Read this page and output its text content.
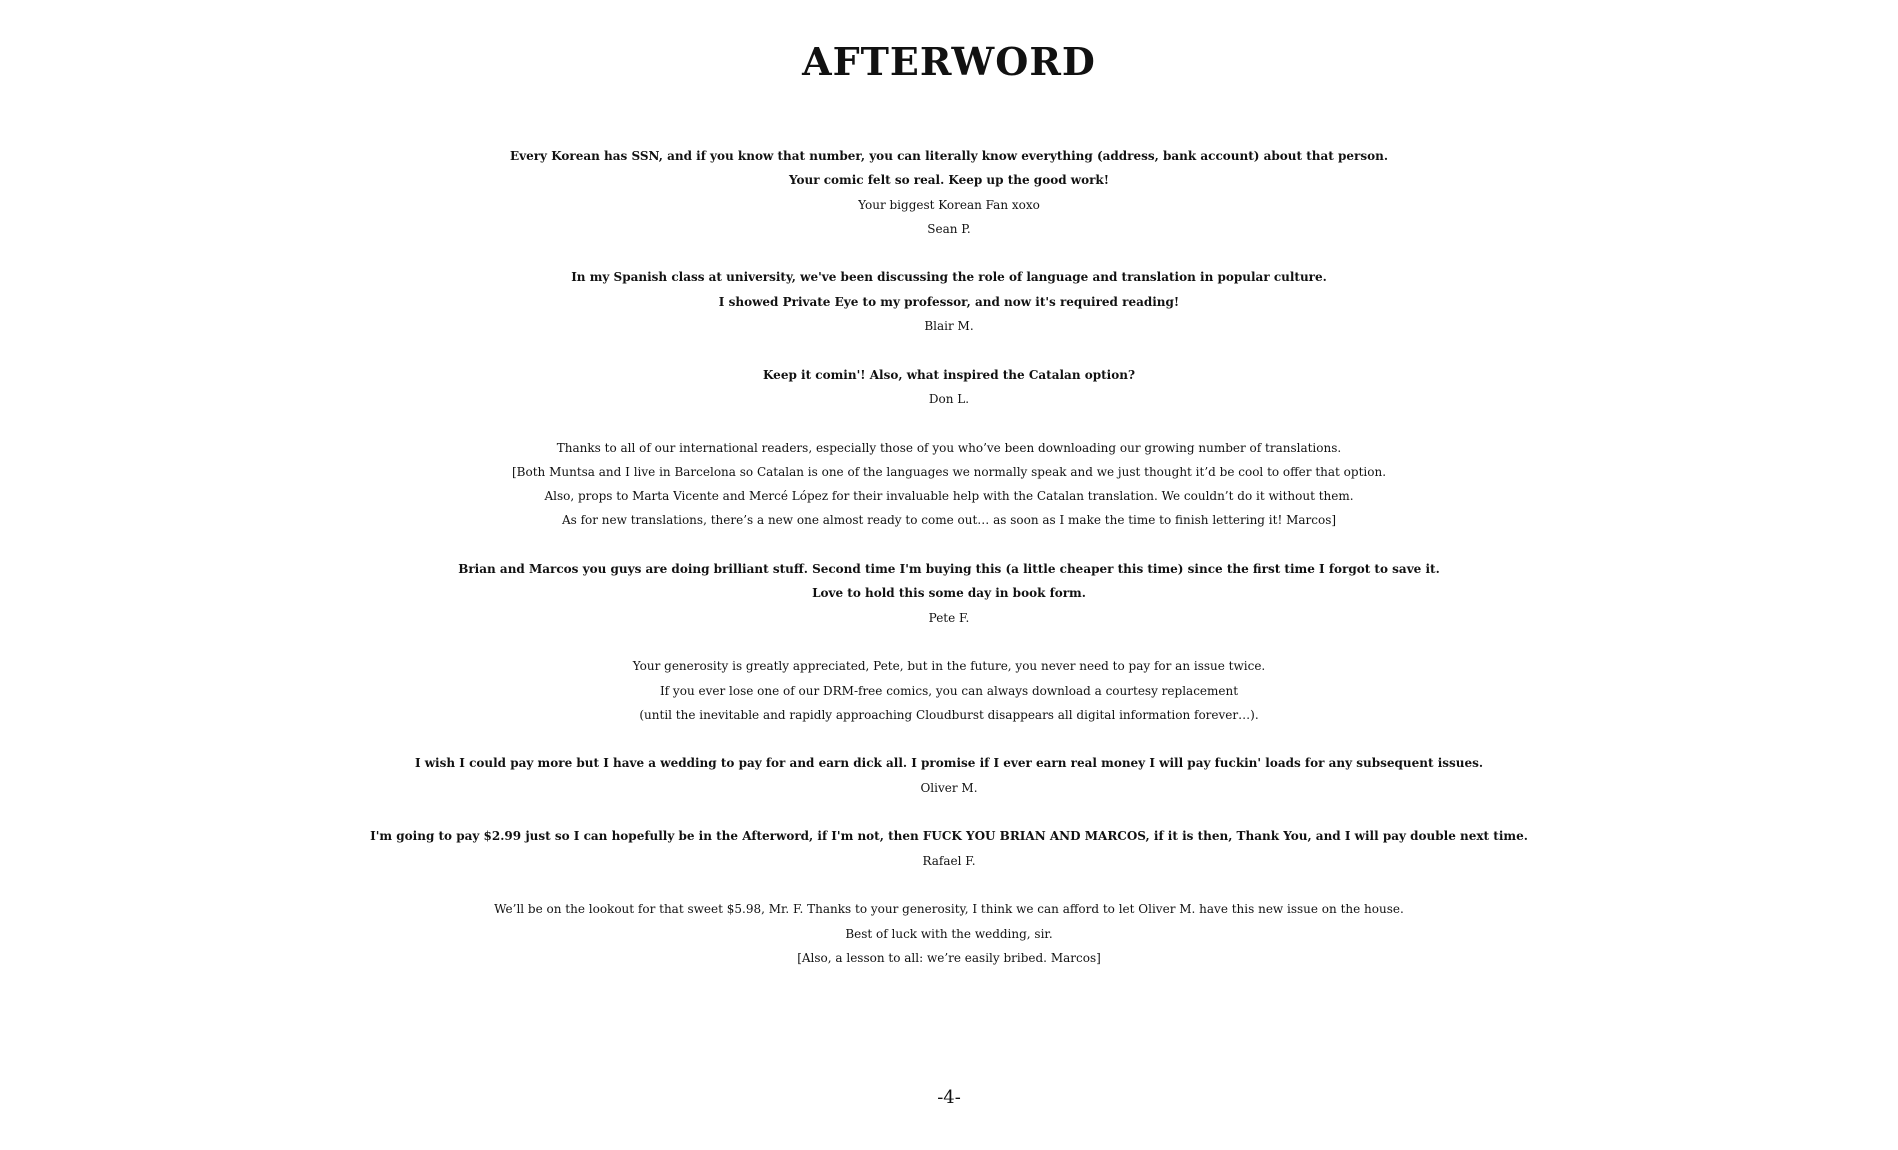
AFTERWORD
Every Korean has SSN, and if you know that number, you can literally know everything (address, bank account) about that person.
Your comic felt so real. Keep up the good work!
Your biggest Korean Fan xoxo
Sean P.
In my Spanish class at university, we've been discussing the role of language and translation in popular culture.
I showed Private Eye to my professor, and now it's required reading!
Blair M.
Keep it comin'! Also, what inspired the Catalan option?
Don L.
Thanks to all of our international readers, especially those of you who’ve been downloading our growing number of translations.
[Both Muntsa and I live in Barcelona so Catalan is one of the languages we normally speak and we just thought it’d be cool to offer that option.
Also, props to Marta Vicente and Mercé López for their invaluable help with the Catalan translation. We couldn’t do it without them.
As for new translations, there’s a new one almost ready to come out… as soon as I make the time to finish lettering it! Marcos]
Brian and Marcos you guys are doing brilliant stuff. Second time I'm buying this (a little cheaper this time) since the first time I forgot to save it.
Love to hold this some day in book form.
Pete F.
Your generosity is greatly appreciated, Pete, but in the future, you never need to pay for an issue twice.
If you ever lose one of our DRM-free comics, you can always download a courtesy replacement
(until the inevitable and rapidly approaching Cloudburst disappears all digital information forever…).
I wish I could pay more but I have a wedding to pay for and earn dick all. I promise if I ever earn real money I will pay fuckin' loads for any subsequent issues.
Oliver M.
I'm going to pay $2.99 just so I can hopefully be in the Afterword, if I'm not, then FUCK YOU BRIAN AND MARCOS, if it is then, Thank You, and I will pay double next time.
Rafael F.
We’ll be on the lookout for that sweet $5.98, Mr. F. Thanks to your generosity, I think we can afford to let Oliver M. have this new issue on the house.
Best of luck with the wedding, sir.
[Also, a lesson to all: we’re easily bribed. Marcos]
-4-
